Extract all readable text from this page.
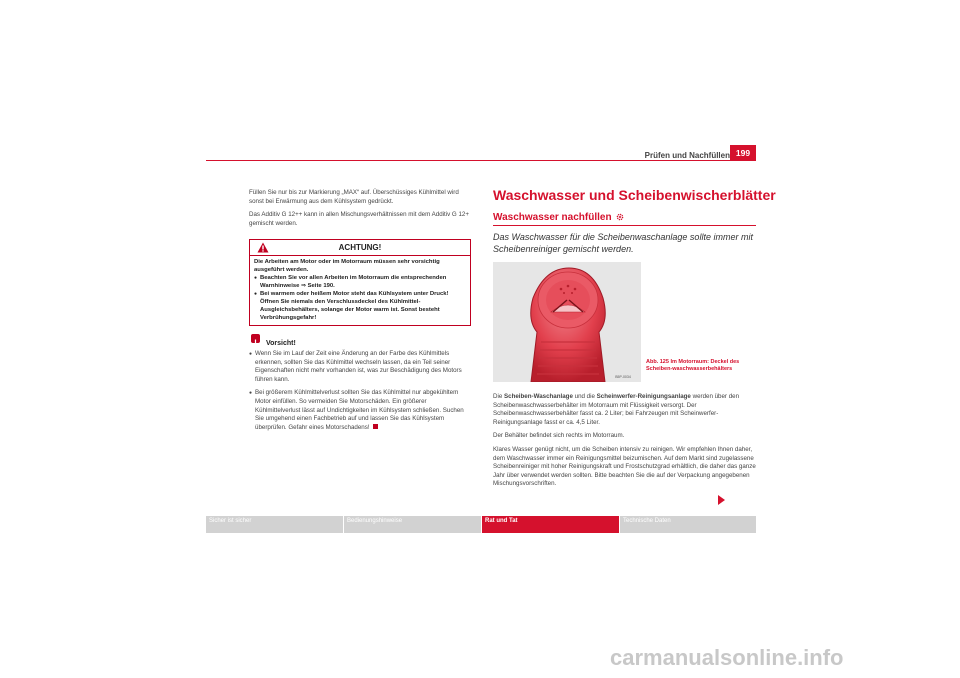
Prüfen und Nachfüllen 199

Füllen Sie nur bis zur Markierung „MAX“ auf. Überschüssiges Kühlmittel wird sonst bei Erwärmung aus dem Kühlsystem gedrückt.

Das Additiv G 12++ kann in allen Mischungsverhältnissen mit dem Additiv G 12+ gemischt werden.

ACHTUNG!

Die Arbeiten am Motor oder im Motorraum müssen sehr vorsichtig ausgeführt werden.

● Beachten Sie vor allen Arbeiten im Motorraum die entsprechenden Warnhinweise ⇒ Seite 190.

● Bei warmem oder heißem Motor steht das Kühlsystem unter Druck! Öffnen Sie niemals den Verschlussdeckel des Kühlmittel-Ausgleichsbehälters, solange der Motor warm ist. Sonst besteht Verbrühungsgefahr!

Vorsicht!

● Wenn Sie im Lauf der Zeit eine Änderung an der Farbe des Kühlmittels erkennen, sollten Sie das Kühlmittel wechseln lassen, da ein Teil seiner Eigenschaften nicht mehr vorhanden ist, was zur Beschädigung des Motors führen kann.

● Bei größerem Kühlmittelverlust sollten Sie das Kühlmittel nur abgekühltem Motor einfüllen. So vermeiden Sie Motorschäden. Ein größerer Kühlmittelverlust lässt auf Undichtigkeiten im Kühlsystem schließen. Suchen Sie umgehend einen Fachbetrieb auf und lassen Sie das Kühlsystem überprüfen. Gefahr eines Motorschadens!

Waschwasser und Scheibenwischerblätter
Waschwasser nachfüllen
Das Waschwasser für die Scheibenwaschanlage sollte immer mit Scheibenreiniger gemischt werden.
B5P-0034
Abb. 125 Im Motorraum: Deckel des Scheiben-waschwasserbehälters

Die Scheiben-Waschanlage und die Scheinwerfer-Reinigungsanlage werden über den Scheibenwaschwasserbehälter im Motorraum mit Flüssigkeit versorgt. Der Scheibenwaschwasserbehälter fasst ca. 2 Liter; bei Fahrzeugen mit Scheinwerfer-Reinigungsanlage fasst er ca. 4,5 Liter.

Der Behälter befindet sich rechts im Motorraum.

Klares Wasser genügt nicht, um die Scheiben intensiv zu reinigen. Wir empfehlen Ihnen daher, dem Waschwasser immer ein Reinigungsmittel beizumischen. Auf dem Markt sind zugelassene Scheibenreiniger mit hoher Reinigungskraft und Frostschutzgrad erhältlich, die daher das ganze Jahr über verwendet werden sollten. Bitte beachten Sie die auf der Verpackung angegebenen Mischungsvorschriften.

Sicher ist sicher	Bedienungshinweise	Rat und Tat	Technische Daten
carmanualsonline.info
